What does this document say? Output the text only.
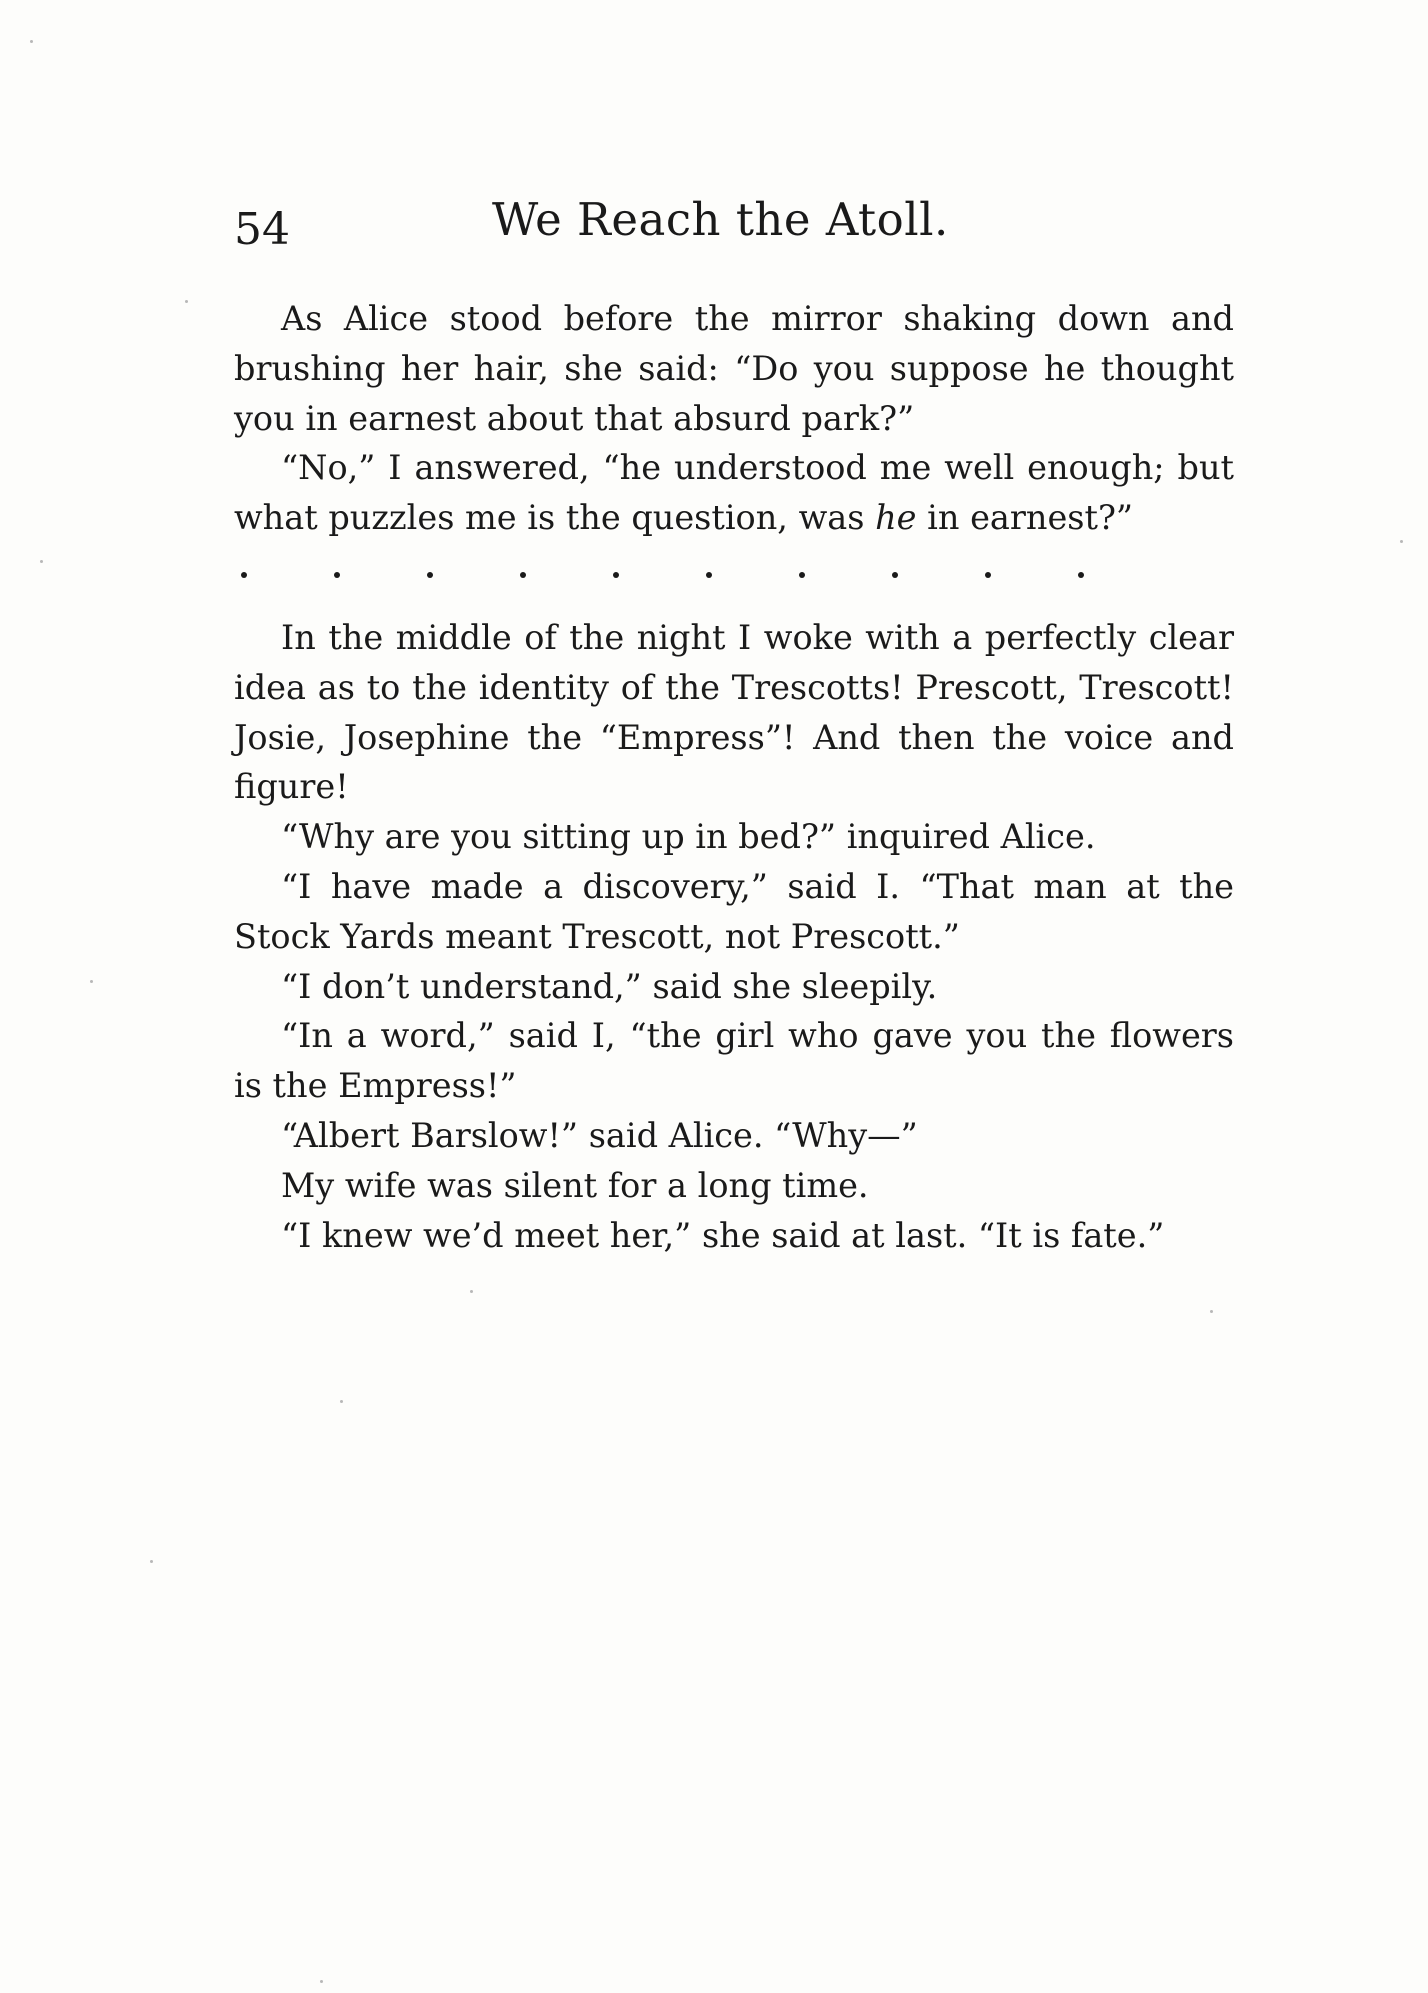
54	We Reach the Atoll.

As Alice stood before the mirror shaking down and brushing her hair, she said: “Do you suppose he thought you in earnest about that absurd park?”

“No,” I answered, “he understood me well enough; but what puzzles me is the question, was he in earnest?”

In the middle of the night I woke with a perfectly clear idea as to the identity of the Trescotts! Prescott, Trescott! Josie, Josephine the “Empress”! And then the voice and figure!

“Why are you sitting up in bed?” inquired Alice.

“I have made a discovery,” said I. “That man at the Stock Yards meant Trescott, not Prescott.”

“I don’t understand,” said she sleepily.

“In a word,” said I, “the girl who gave you the flowers is the Empress!”

“Albert Barslow!” said Alice. “Why—”

My wife was silent for a long time.

“I knew we’d meet her,” she said at last. “It is fate.”
